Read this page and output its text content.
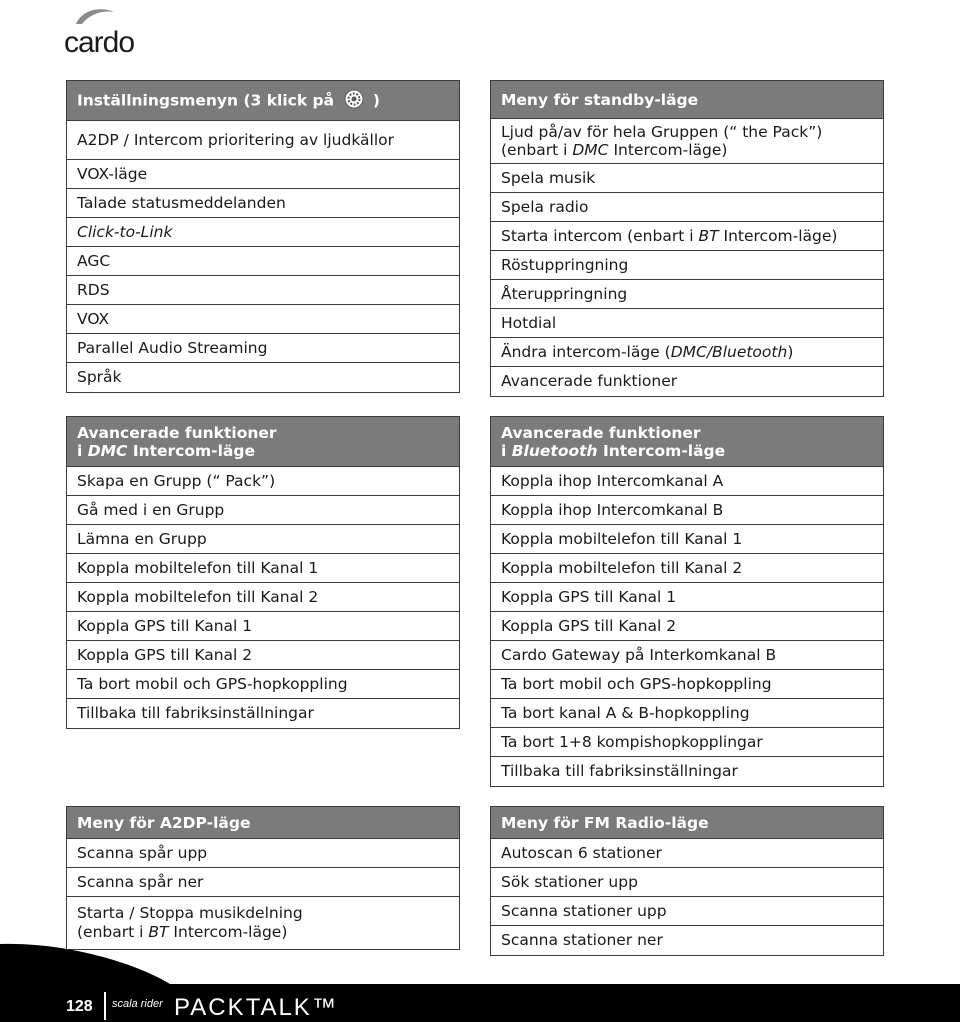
cardo
Inställningsmenyn (3 klick på	)
A2DP / Intercom prioritering av ljudkällor
VOX-läge
Talade statusmeddelanden
Click-to-Link
AGC
RDS
VOX
Parallel Audio Streaming
Språk
Meny för standby-läge
Ljud på/av för hela Gruppen (“ the Pack”)
(enbart i DMC Intercom-läge)
Spela musik
Spela radio
Starta intercom (enbart i BT Intercom-läge)
Röstuppringning
Återuppringning
Hotdial
Ändra intercom-läge (DMC/Bluetooth)
Avancerade funktioner
Avancerade funktioner
i DMC Intercom-läge
Skapa en Grupp (“ Pack”)
Gå med i en Grupp
Lämna en Grupp
Koppla mobiltelefon till Kanal 1
Koppla mobiltelefon till Kanal 2
Koppla GPS till Kanal 1
Koppla GPS till Kanal 2
Ta bort mobil och GPS-hopkoppling
Tillbaka till fabriksinställningar
Avancerade funktioner
i Bluetooth Intercom-läge
Koppla ihop Intercomkanal A
Koppla ihop Intercomkanal B
Koppla mobiltelefon till Kanal 1
Koppla mobiltelefon till Kanal 2
Koppla GPS till Kanal 1
Koppla GPS till Kanal 2
Cardo Gateway på Interkomkanal B
Ta bort mobil och GPS-hopkoppling
Ta bort kanal A & B-hopkoppling
Ta bort 1+8 kompishopkopplingar
Tillbaka till fabriksinställningar
Meny för A2DP-läge
Scanna spår upp
Scanna spår ner
Starta / Stoppa musikdelning
(enbart i BT Intercom-läge)
Meny för FM Radio-läge
Autoscan 6 stationer
Sök stationer upp
Scanna stationer upp
Scanna stationer ner
128 scala rider PACKTALK™
